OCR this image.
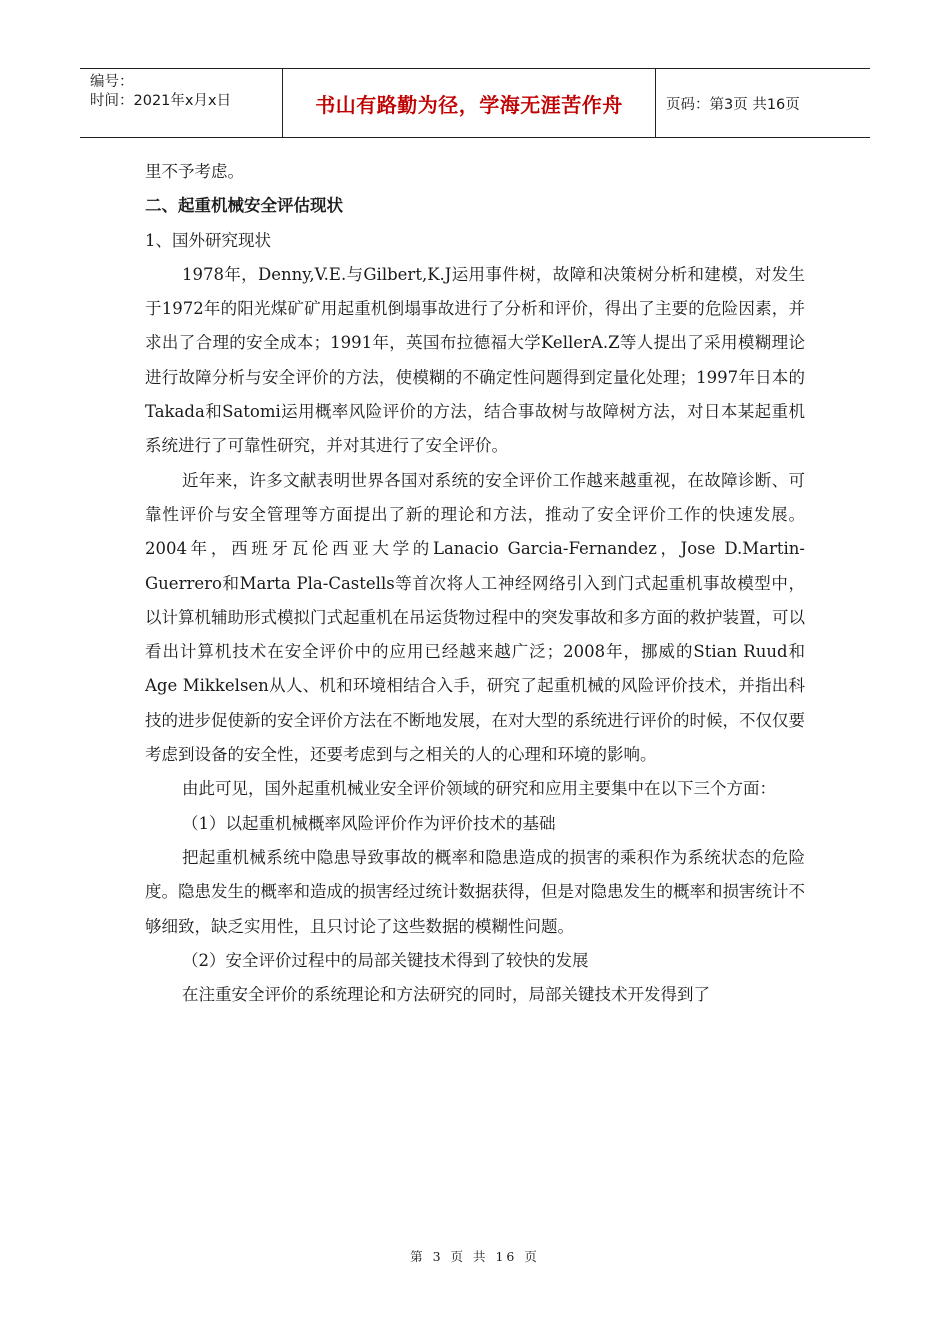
编号：
时间：2021年x月x日	书山有路勤为径，学海无涯苦作舟	页码：第3页 共16页

里不予考虑。

二、起重机械安全评估现状

1、国外研究现状

1978年，Denny,V.E.与Gilbert,K.J运用事件树，故障和决策树分析和建模，对发生于1972年的阳光煤矿矿用起重机倒塌事故进行了分析和评价，得出了主要的危险因素，并求出了合理的安全成本；1991年，英国布拉德福大学KellerA.Z等人提出了采用模糊理论进行故障分析与安全评价的方法，使模糊的不确定性问题得到定量化处理；1997年日本的Takada和Satomi运用概率风险评价的方法，结合事故树与故障树方法，对日本某起重机系统进行了可靠性研究，并对其进行了安全评价。

近年来，许多文献表明世界各国对系统的安全评价工作越来越重视，在故障诊断、可靠性评价与安全管理等方面提出了新的理论和方法，推动了安全评价工作的快速发展。2004年，西班牙瓦伦西亚大学的Lanacio Garcia-Fernandez，Jose D.Martin-Guerrero和Marta Pla-Castells等首次将人工神经网络引入到门式起重机事故模型中，以计算机辅助形式模拟门式起重机在吊运货物过程中的突发事故和多方面的救护装置，可以看出计算机技术在安全评价中的应用已经越来越广泛；2008年，挪威的Stian Ruud和Age Mikkelsen从人、机和环境相结合入手，研究了起重机械的风险评价技术，并指出科技的进步促使新的安全评价方法在不断地发展，在对大型的系统进行评价的时候，不仅仅要考虑到设备的安全性，还要考虑到与之相关的人的心理和环境的影响。

由此可见，国外起重机械业安全评价领域的研究和应用主要集中在以下三个方面：

（1）以起重机械概率风险评价作为评价技术的基础

把起重机械系统中隐患导致事故的概率和隐患造成的损害的乘积作为系统状态的危险度。隐患发生的概率和造成的损害经过统计数据获得，但是对隐患发生的概率和损害统计不够细致，缺乏实用性，且只讨论了这些数据的模糊性问题。

（2）安全评价过程中的局部关键技术得到了较快的发展

在注重安全评价的系统理论和方法研究的同时，局部关键技术开发得到了

第 3 页 共 16 页
